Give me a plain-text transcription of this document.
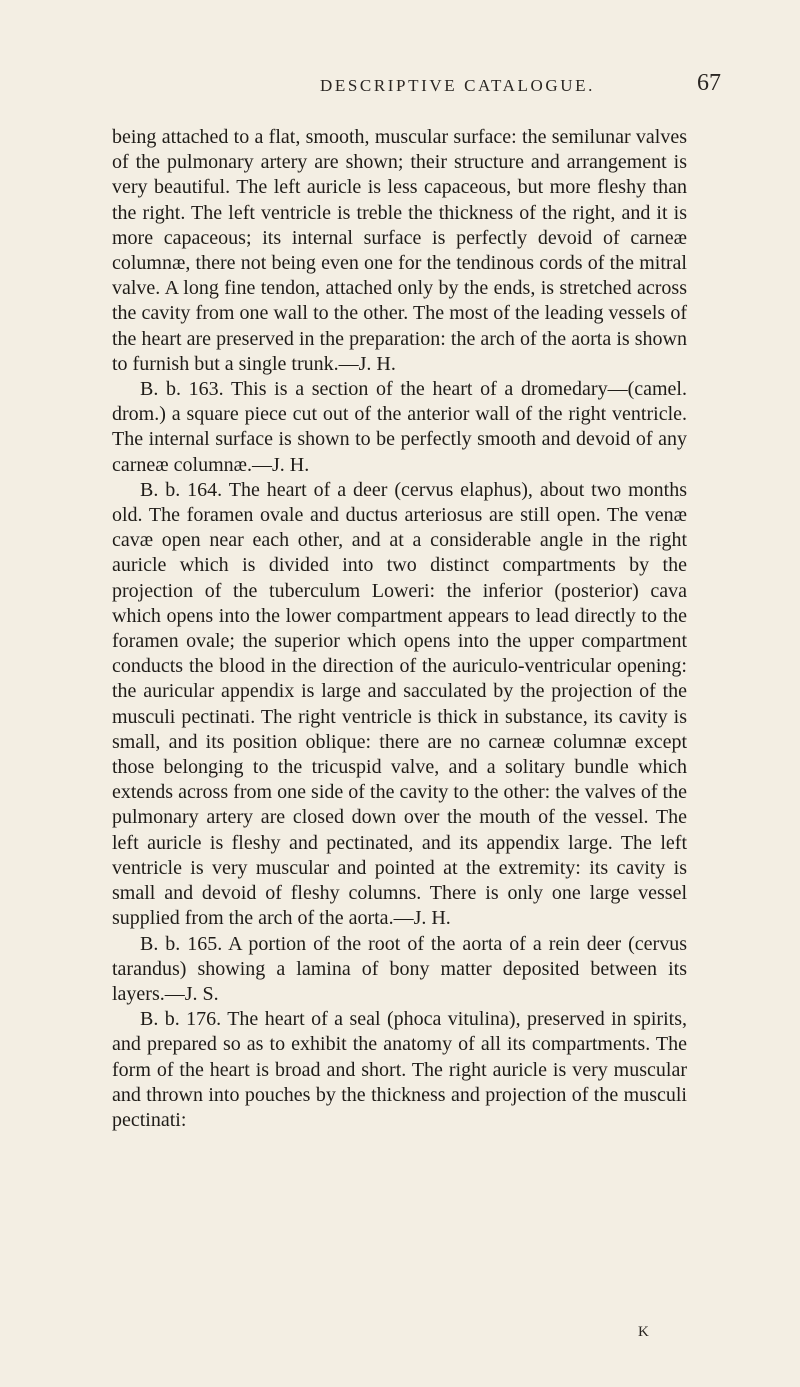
DESCRIPTIVE CATALOGUE.	67

being attached to a flat, smooth, muscular surface: the semilunar valves of the pulmonary artery are shown; their structure and arrangement is very beautiful. The left auricle is less capaceous, but more fleshy than the right. The left ventricle is treble the thickness of the right, and it is more capaceous; its internal surface is perfectly devoid of carneæ columnæ, there not being even one for the tendinous cords of the mitral valve. A long fine tendon, attached only by the ends, is stretched across the cavity from one wall to the other. The most of the leading vessels of the heart are preserved in the preparation: the arch of the aorta is shown to furnish but a single trunk.—J. H.

B. b. 163. This is a section of the heart of a dromedary—(camel. drom.) a square piece cut out of the anterior wall of the right ventricle. The internal surface is shown to be perfectly smooth and devoid of any carneæ columnæ.—J. H.

B. b. 164. The heart of a deer (cervus elaphus), about two months old. The foramen ovale and ductus arteriosus are still open. The venæ cavæ open near each other, and at a considerable angle in the right auricle which is divided into two distinct compartments by the projection of the tuberculum Loweri: the inferior (posterior) cava which opens into the lower compartment appears to lead directly to the foramen ovale; the superior which opens into the upper compartment conducts the blood in the direction of the auriculo-ventricular opening: the auricular appendix is large and sacculated by the projection of the musculi pectinati. The right ventricle is thick in substance, its cavity is small, and its position oblique: there are no carneæ columnæ except those belonging to the tricuspid valve, and a solitary bundle which extends across from one side of the cavity to the other: the valves of the pulmonary artery are closed down over the mouth of the vessel. The left auricle is fleshy and pectinated, and its appendix large. The left ventricle is very muscular and pointed at the extremity: its cavity is small and devoid of fleshy columns. There is only one large vessel supplied from the arch of the aorta.—J. H.

B. b. 165. A portion of the root of the aorta of a rein deer (cervus tarandus) showing a lamina of bony matter deposited between its layers.—J. S.

B. b. 176. The heart of a seal (phoca vitulina), preserved in spirits, and prepared so as to exhibit the anatomy of all its compartments. The form of the heart is broad and short. The right auricle is very muscular and thrown into pouches by the thickness and projection of the musculi pectinati:

K
